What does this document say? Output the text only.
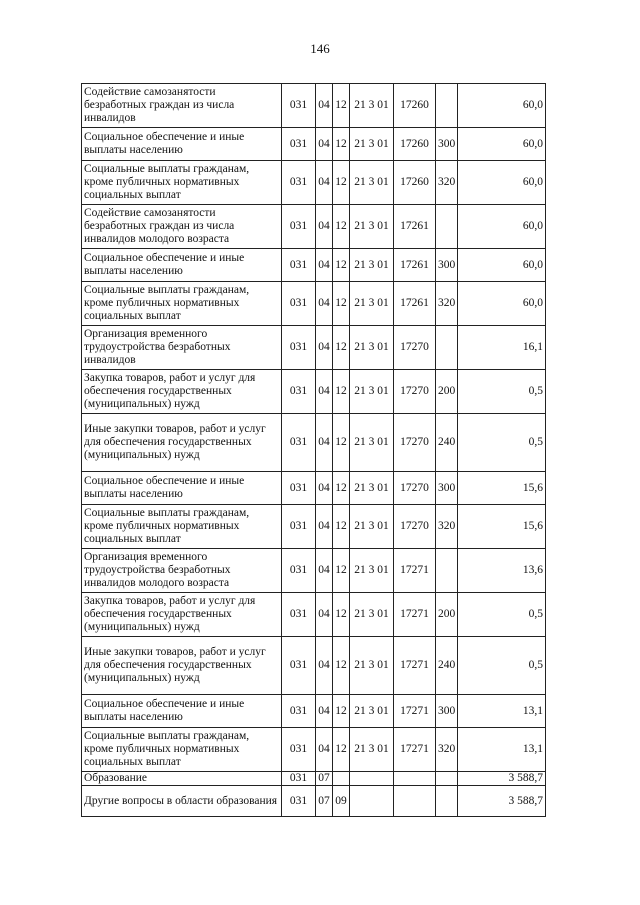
146
Содействие самозанятости безработных граждан из числа инвалидов	031	04	12	21 3 01	17260		60,0
Социальное обеспечение и иные выплаты населению	031	04	12	21 3 01	17260	300	60,0
Социальные выплаты гражданам, кроме публичных нормативных социальных выплат	031	04	12	21 3 01	17260	320	60,0
Содействие самозанятости безработных граждан из числа инвалидов молодого возраста	031	04	12	21 3 01	17261		60,0
Социальное обеспечение и иные выплаты населению	031	04	12	21 3 01	17261	300	60,0
Социальные выплаты гражданам, кроме публичных нормативных социальных выплат	031	04	12	21 3 01	17261	320	60,0
Организация временного трудоустройства безработных инвалидов	031	04	12	21 3 01	17270		16,1
Закупка товаров, работ и услуг для обеспечения государственных (муниципальных) нужд	031	04	12	21 3 01	17270	200	0,5
Иные закупки товаров, работ и услуг для обеспечения государственных (муниципальных) нужд	031	04	12	21 3 01	17270	240	0,5
Социальное обеспечение и иные выплаты населению	031	04	12	21 3 01	17270	300	15,6
Социальные выплаты гражданам, кроме публичных нормативных социальных выплат	031	04	12	21 3 01	17270	320	15,6
Организация временного трудоустройства безработных инвалидов молодого возраста	031	04	12	21 3 01	17271		13,6
Закупка товаров, работ и услуг для обеспечения государственных (муниципальных) нужд	031	04	12	21 3 01	17271	200	0,5
Иные закупки товаров, работ и услуг для обеспечения государственных (муниципальных) нужд	031	04	12	21 3 01	17271	240	0,5
Социальное обеспечение и иные выплаты населению	031	04	12	21 3 01	17271	300	13,1
Социальные выплаты гражданам, кроме публичных нормативных социальных выплат	031	04	12	21 3 01	17271	320	13,1
Образование	031	07					3 588,7
Другие вопросы в области образования	031	07	09				3 588,7
